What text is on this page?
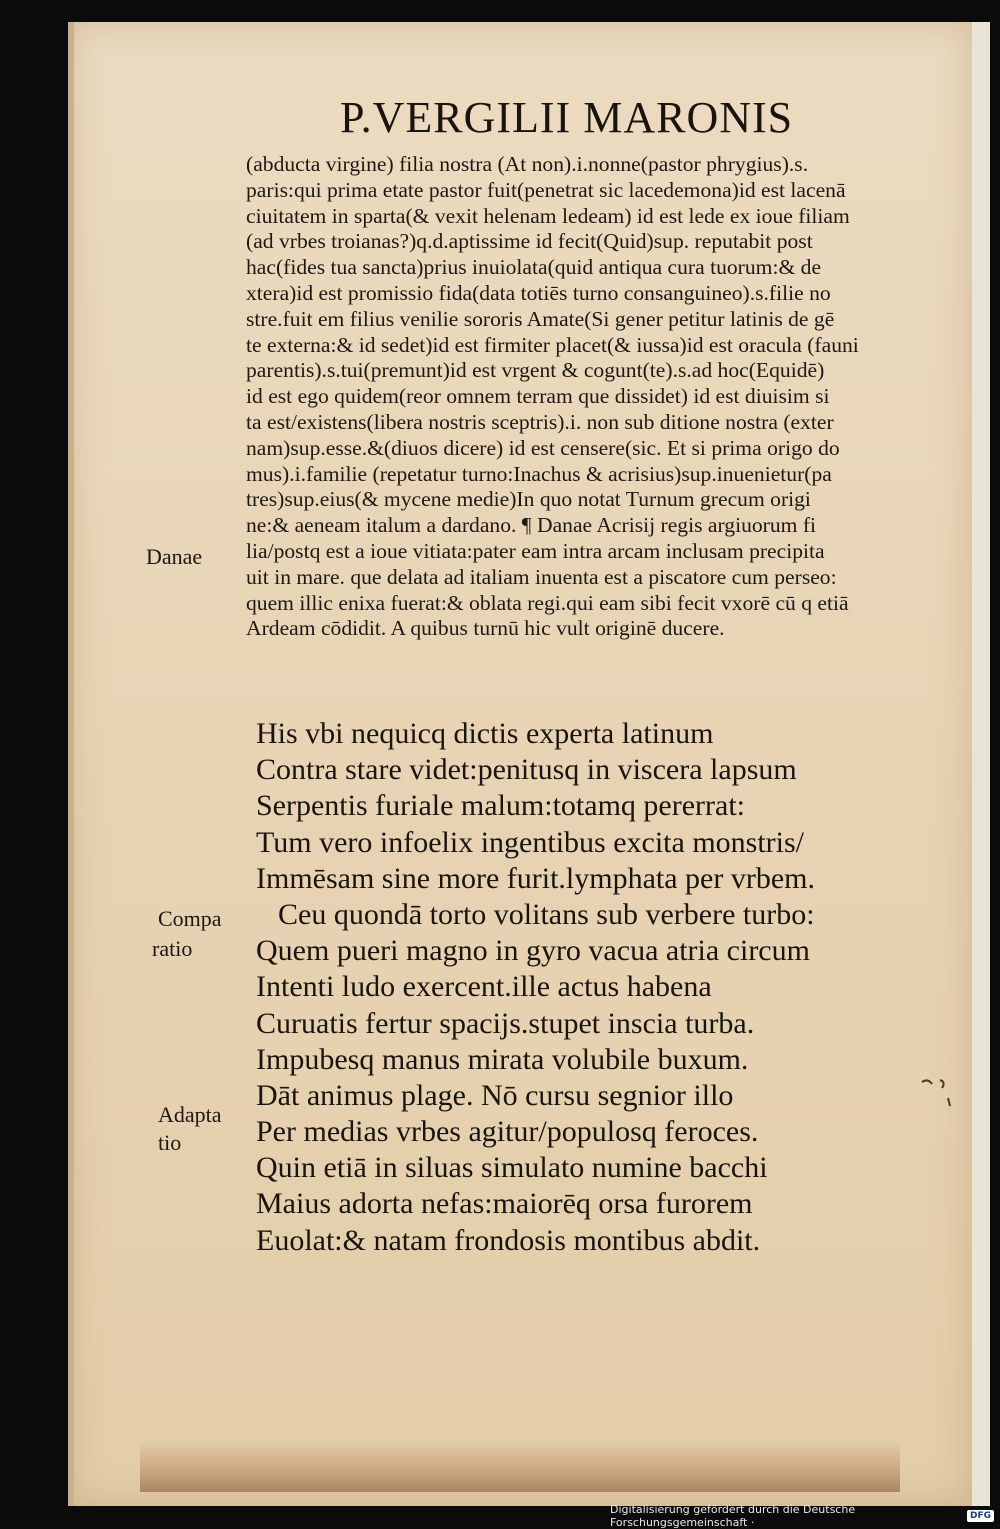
P.VERGILII MARONIS
(abducta virgine) filia nostra (At non).i.nonne(pastor phrygius).s.
paris:qui prima etate pastor fuit(penetrat sic lacedemona)id est lacenā
ciuitatem in sparta(& vexit helenam ledeam) id est lede ex ioue filiam
(ad vrbes troianas?)q.d.aptissime id fecit(Quid)sup. reputabit post
hac(fides tua sancta)prius inuiolata(quid antiqua cura tuorum:& de
xtera)id est promissio fida(data totiēs turno consanguineo).s.filie no
stre.fuit em filius venilie sororis Amate(Si gener petitur latinis de gē
te externa:& id sedet)id est firmiter placet(& iussa)id est oracula (fauni
parentis).s.tui(premunt)id est vrgent & cogunt(te).s.ad hoc(Equidē)
id est ego quidem(reor omnem terram que dissidet) id est diuisim si
ta est/existens(libera nostris sceptris).i. non sub ditione nostra (exter
nam)sup.esse.&(diuos dicere) id est censere(sic. Et si prima origo do
mus).i.familie (repetatur turno:Inachus & acrisius)sup.inuenietur(pa
tres)sup.eius(& mycene medie)In quo notat Turnum grecum origi
ne:& aeneam italum a dardano. ¶ Danae Acrisij regis argiuorum fi
lia/postq est a ioue vitiata:pater eam intra arcam inclusam precipita
uit in mare. que delata ad italiam inuenta est a piscatore cum perseo:
quem illic enixa fuerat:& oblata regi.qui eam sibi fecit vxorē cū q etiā
Ardeam cōdidit. A quibus turnū hic vult originē ducere.
Danae
His vbi nequicq dictis experta latinum
Contra stare videt:penitusq in viscera lapsum
Serpentis furiale malum:totamq pererrat:
Tum vero infoelix ingentibus excita monstris/
Immēsam sine more furit.lymphata per vrbem.
Ceu quondā torto volitans sub verbere turbo:
Quem pueri magno in gyro vacua atria circum
Intenti ludo exercent.ille actus habena
Curuatis fertur spacijs.stupet inscia turba.
Impubesq manus mirata volubile buxum.
Dāt animus plage. Nō cursu segnior illo
Per medias vrbes agitur/populosq feroces.
Quin etiā in siluas simulato numine bacchi
Maius adorta nefas:maiorēq orsa furorem
Euolat:& natam frondosis montibus abdit.
Compa
ratio
Adapta
tio
Digitalisierung gefördert durch die Deutsche Forschungsgemeinschaft ·	DFG
